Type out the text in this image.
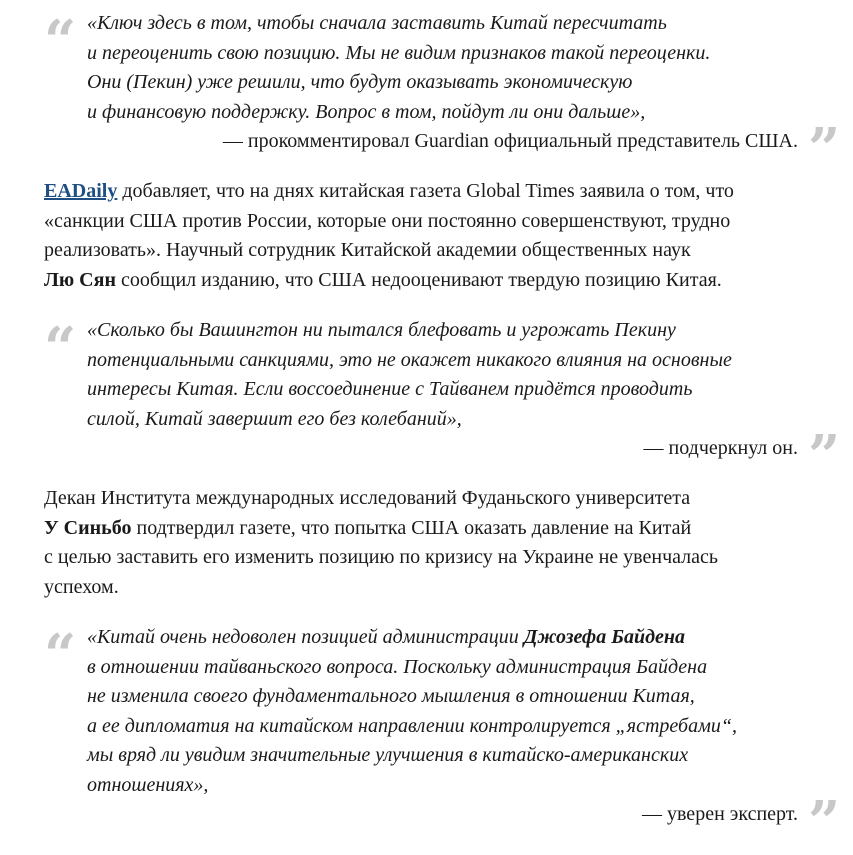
“ «Ключ здесь в том, чтобы сначала заставить Китай пересчитать
и переоценить свою позицию. Мы не видим признаков такой переоценки.
Они (Пекин) уже решили, что будут оказывать экономическую
и финансовую поддержку. Вопрос в том, пойдут ли они дальше»,
— прокомментировал Guardian официальный представитель США. ”
EADaily добавляет, что на днях китайская газета Global Times заявила о том, что
«санкции США против России, которые они постоянно совершенствуют, трудно
реализовать». Научный сотрудник Китайской академии общественных наук
Лю Сян сообщил изданию, что США недооценивают твердую позицию Китая.
“ «Сколько бы Вашингтон ни пытался блефовать и угрожать Пекину
потенциальными санкциями, это не окажет никакого влияния на основные
интересы Китая. Если воссоединение с Тайванем придётся проводить
силой, Китай завершит его без колебаний»,
— подчеркнул он. ”
Декан Института международных исследований Фуданьского университета
У Синьбо подтвердил газете, что попытка США оказать давление на Китай
с целью заставить его изменить позицию по кризису на Украине не увенчалась
успехом.
“ «Китай очень недоволен позицией администрации Джозефа Байдена
в отношении тайваньского вопроса. Поскольку администрация Байдена
не изменила своего фундаментального мышления в отношении Китая,
а ее дипломатия на китайском направлении контролируется „ястребами“,
мы вряд ли увидим значительные улучшения в китайско-американских
отношениях»,
— уверен эксперт. ”
